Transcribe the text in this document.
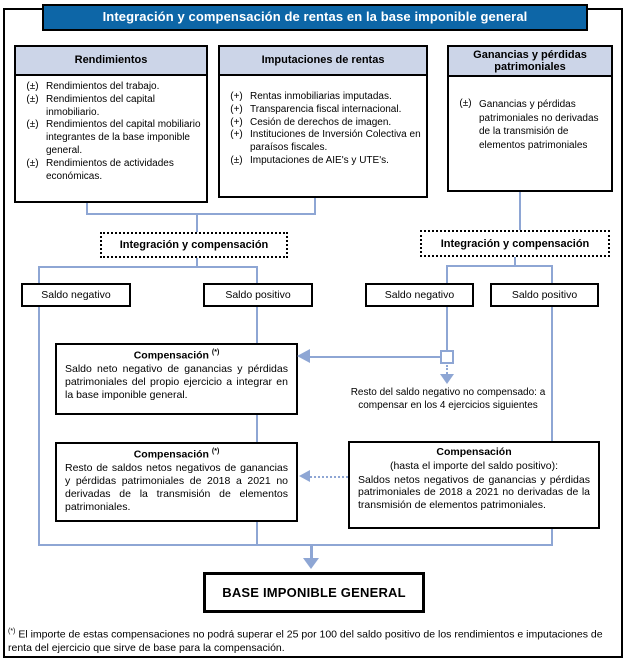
Integración y compensación de rentas en la base imponible general
Rendimientos
(±) Rendimientos del trabajo.
(±) Rendimientos del capital inmobiliario.
(±) Rendimientos del capital mobiliario integrantes de la base imponible general.
(±) Rendimientos de actividades económicas.
Imputaciones de rentas
(+) Rentas inmobiliarias imputadas.
(+) Transparencia fiscal internacional.
(+) Cesión de derechos de imagen.
(+) Instituciones de Inversión Colectiva en paraísos fiscales.
(±) Imputaciones de AIE's y UTE's.
Ganancias y pérdidas patrimoniales
(±) Ganancias y pérdidas patrimoniales no derivadas de la transmisión de elementos patrimoniales
Integración y compensación	Integración y compensación
Saldo negativo	Saldo positivo	Saldo negativo	Saldo positivo
Compensación (*)
Saldo neto negativo de ganancias y pérdidas patrimoniales del propio ejercicio a integrar en la base imponible general.
Compensación (*)
Resto de saldos netos negativos de ganancias y pérdidas patrimoniales de 2018 a 2021 no derivadas de la transmisión de elementos patrimoniales.
Compensación
(hasta el importe del saldo positivo):
Saldos netos negativos de ganancias y pérdidas patrimoniales de 2018 a 2021 no derivadas de la transmisión de elementos patrimoniales.
Resto del saldo negativo no compensado: a compensar en los 4 ejercicios siguientes
BASE IMPONIBLE GENERAL
(*) El importe de estas compensaciones no podrá superar el 25 por 100 del saldo positivo de los rendimientos e imputaciones de renta del ejercicio que sirve de base para la compensación.
